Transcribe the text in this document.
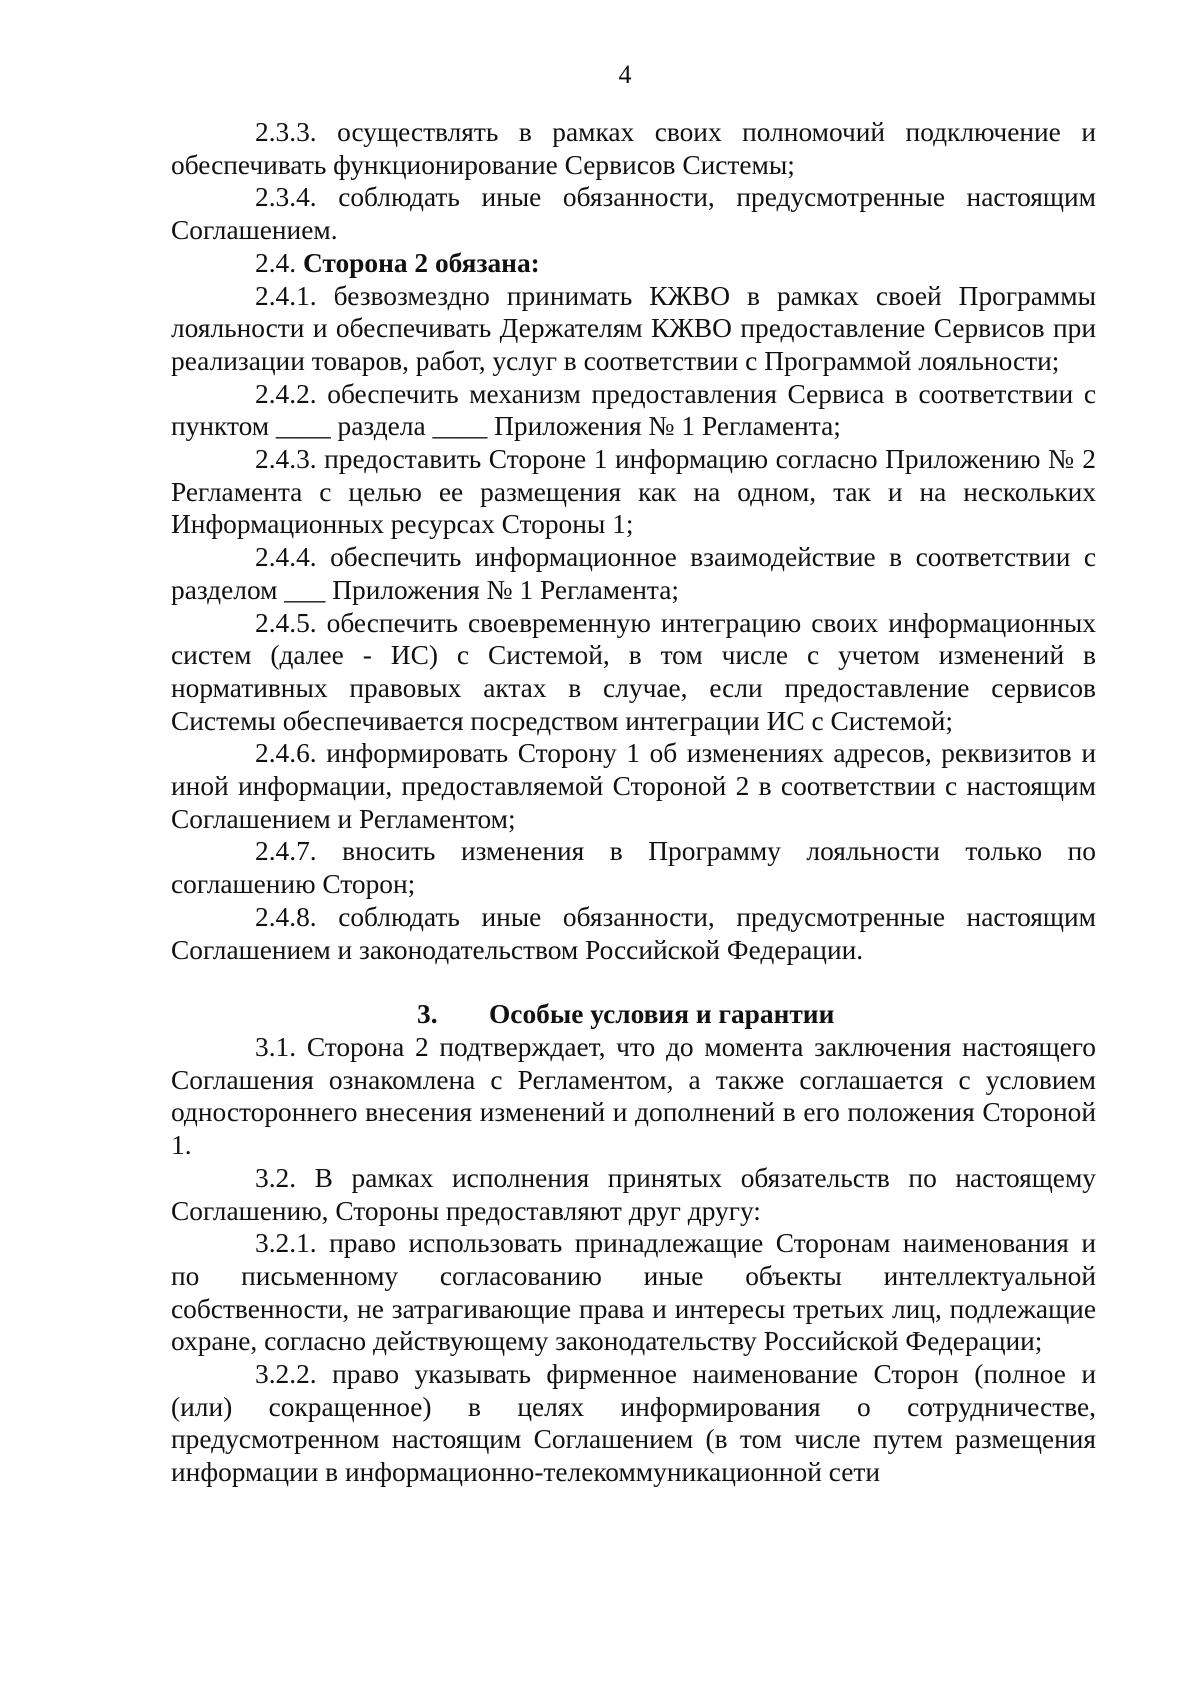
4

2.3.3. осуществлять в рамках своих полномочий подключение и обеспечивать функционирование Сервисов Системы;

2.3.4. соблюдать иные обязанности, предусмотренные настоящим Соглашением.

2.4. Сторона 2 обязана:

2.4.1. безвозмездно принимать КЖВО в рамках своей Программы лояльности и обеспечивать Держателям КЖВО предоставление Сервисов при реализации товаров, работ, услуг в соответствии с Программой лояльности;

2.4.2. обеспечить механизм предоставления Сервиса в соответствии с пунктом ____ раздела ____ Приложения № 1 Регламента;

2.4.3. предоставить Стороне 1 информацию согласно Приложению № 2 Регламента с целью ее размещения как на одном, так и на нескольких Информационных ресурсах Стороны 1;

2.4.4. обеспечить информационное взаимодействие в соответствии с разделом ___ Приложения № 1 Регламента;

2.4.5. обеспечить своевременную интеграцию своих информационных систем (далее - ИС) с Системой, в том числе с учетом изменений в нормативных правовых актах в случае, если предоставление сервисов Системы обеспечивается посредством интеграции ИС с Системой;

2.4.6. информировать Сторону 1 об изменениях адресов, реквизитов и иной информации, предоставляемой Стороной 2 в соответствии с настоящим Соглашением и Регламентом;

2.4.7. вносить изменения в Программу лояльности только по соглашению Сторон;

2.4.8. соблюдать иные обязанности, предусмотренные настоящим Соглашением и законодательством Российской Федерации.

3. Особые условия и гарантии

3.1. Сторона 2 подтверждает, что до момента заключения настоящего Соглашения ознакомлена с Регламентом, а также соглашается с условием одностороннего внесения изменений и дополнений в его положения Стороной 1.

3.2. В рамках исполнения принятых обязательств по настоящему Соглашению, Стороны предоставляют друг другу:

3.2.1. право использовать принадлежащие Сторонам наименования и по письменному согласованию иные объекты интеллектуальной собственности, не затрагивающие права и интересы третьих лиц, подлежащие охране, согласно действующему законодательству Российской Федерации;

3.2.2. право указывать фирменное наименование Сторон (полное и (или) сокращенное) в целях информирования о сотрудничестве, предусмотренном настоящим Соглашением (в том числе путем размещения информации в информационно-телекоммуникационной сети
